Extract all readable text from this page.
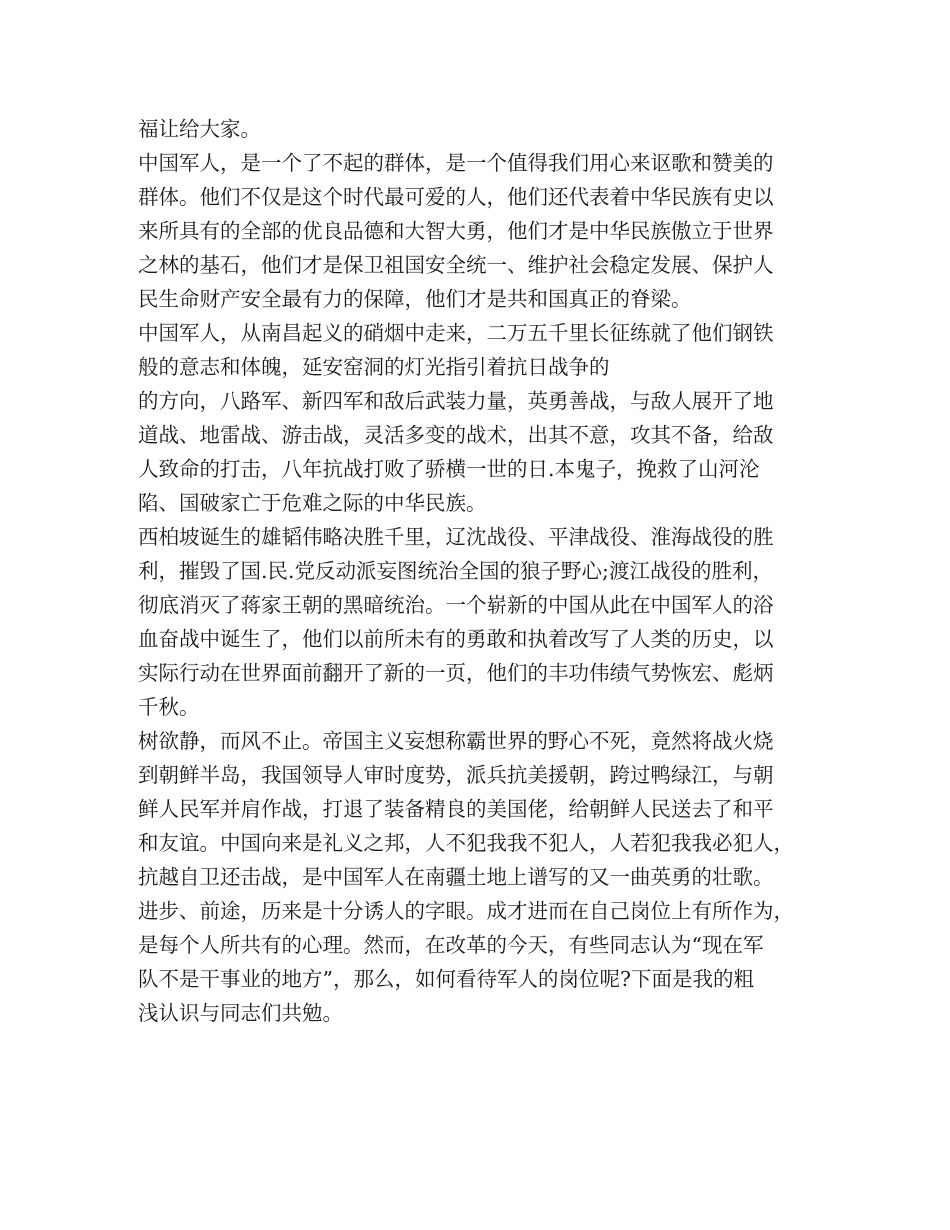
福让给大家。
中国军人，是一个了不起的群体，是一个值得我们用心来讴歌和赞美的
群体。他们不仅是这个时代最可爱的人，他们还代表着中华民族有史以
来所具有的全部的优良品德和大智大勇，他们才是中华民族傲立于世界
之林的基石，他们才是保卫祖国安全统一、维护社会稳定发展、保护人
民生命财产安全最有力的保障，他们才是共和国真正的脊梁。
中国军人，从南昌起义的硝烟中走来，二万五千里长征练就了他们钢铁
般的意志和体魄，延安窑洞的灯光指引着抗日战争的
的方向，八路军、新四军和敌后武装力量，英勇善战，与敌人展开了地
道战、地雷战、游击战，灵活多变的战术，出其不意，攻其不备，给敌
人致命的打击，八年抗战打败了骄横一世的日.本鬼子，挽救了山河沦
陷、国破家亡于危难之际的中华民族。
西柏坡诞生的雄韬伟略决胜千里，辽沈战役、平津战役、淮海战役的胜
利，摧毁了国.民.党反动派妄图统治全国的狼子野心;渡江战役的胜利，
彻底消灭了蒋家王朝的黑暗统治。一个崭新的中国从此在中国军人的浴
血奋战中诞生了，他们以前所未有的勇敢和执着改写了人类的历史，以
实际行动在世界面前翻开了新的一页，他们的丰功伟绩气势恢宏、彪炳
千秋。
树欲静，而风不止。帝国主义妄想称霸世界的野心不死，竟然将战火烧
到朝鲜半岛，我国领导人审时度势，派兵抗美援朝，跨过鸭绿江，与朝
鲜人民军并肩作战，打退了装备精良的美国佬，给朝鲜人民送去了和平
和友谊。中国向来是礼义之邦，人不犯我我不犯人，人若犯我我必犯人，
抗越自卫还击战，是中国军人在南疆土地上谱写的又一曲英勇的壮歌。
进步、前途，历来是十分诱人的字眼。成才进而在自己岗位上有所作为，
是每个人所共有的心理。然而，在改革的今天，有些同志认为“现在军
队不是干事业的地方”，那么，如何看待军人的岗位呢?下面是我的粗
浅认识与同志们共勉。
